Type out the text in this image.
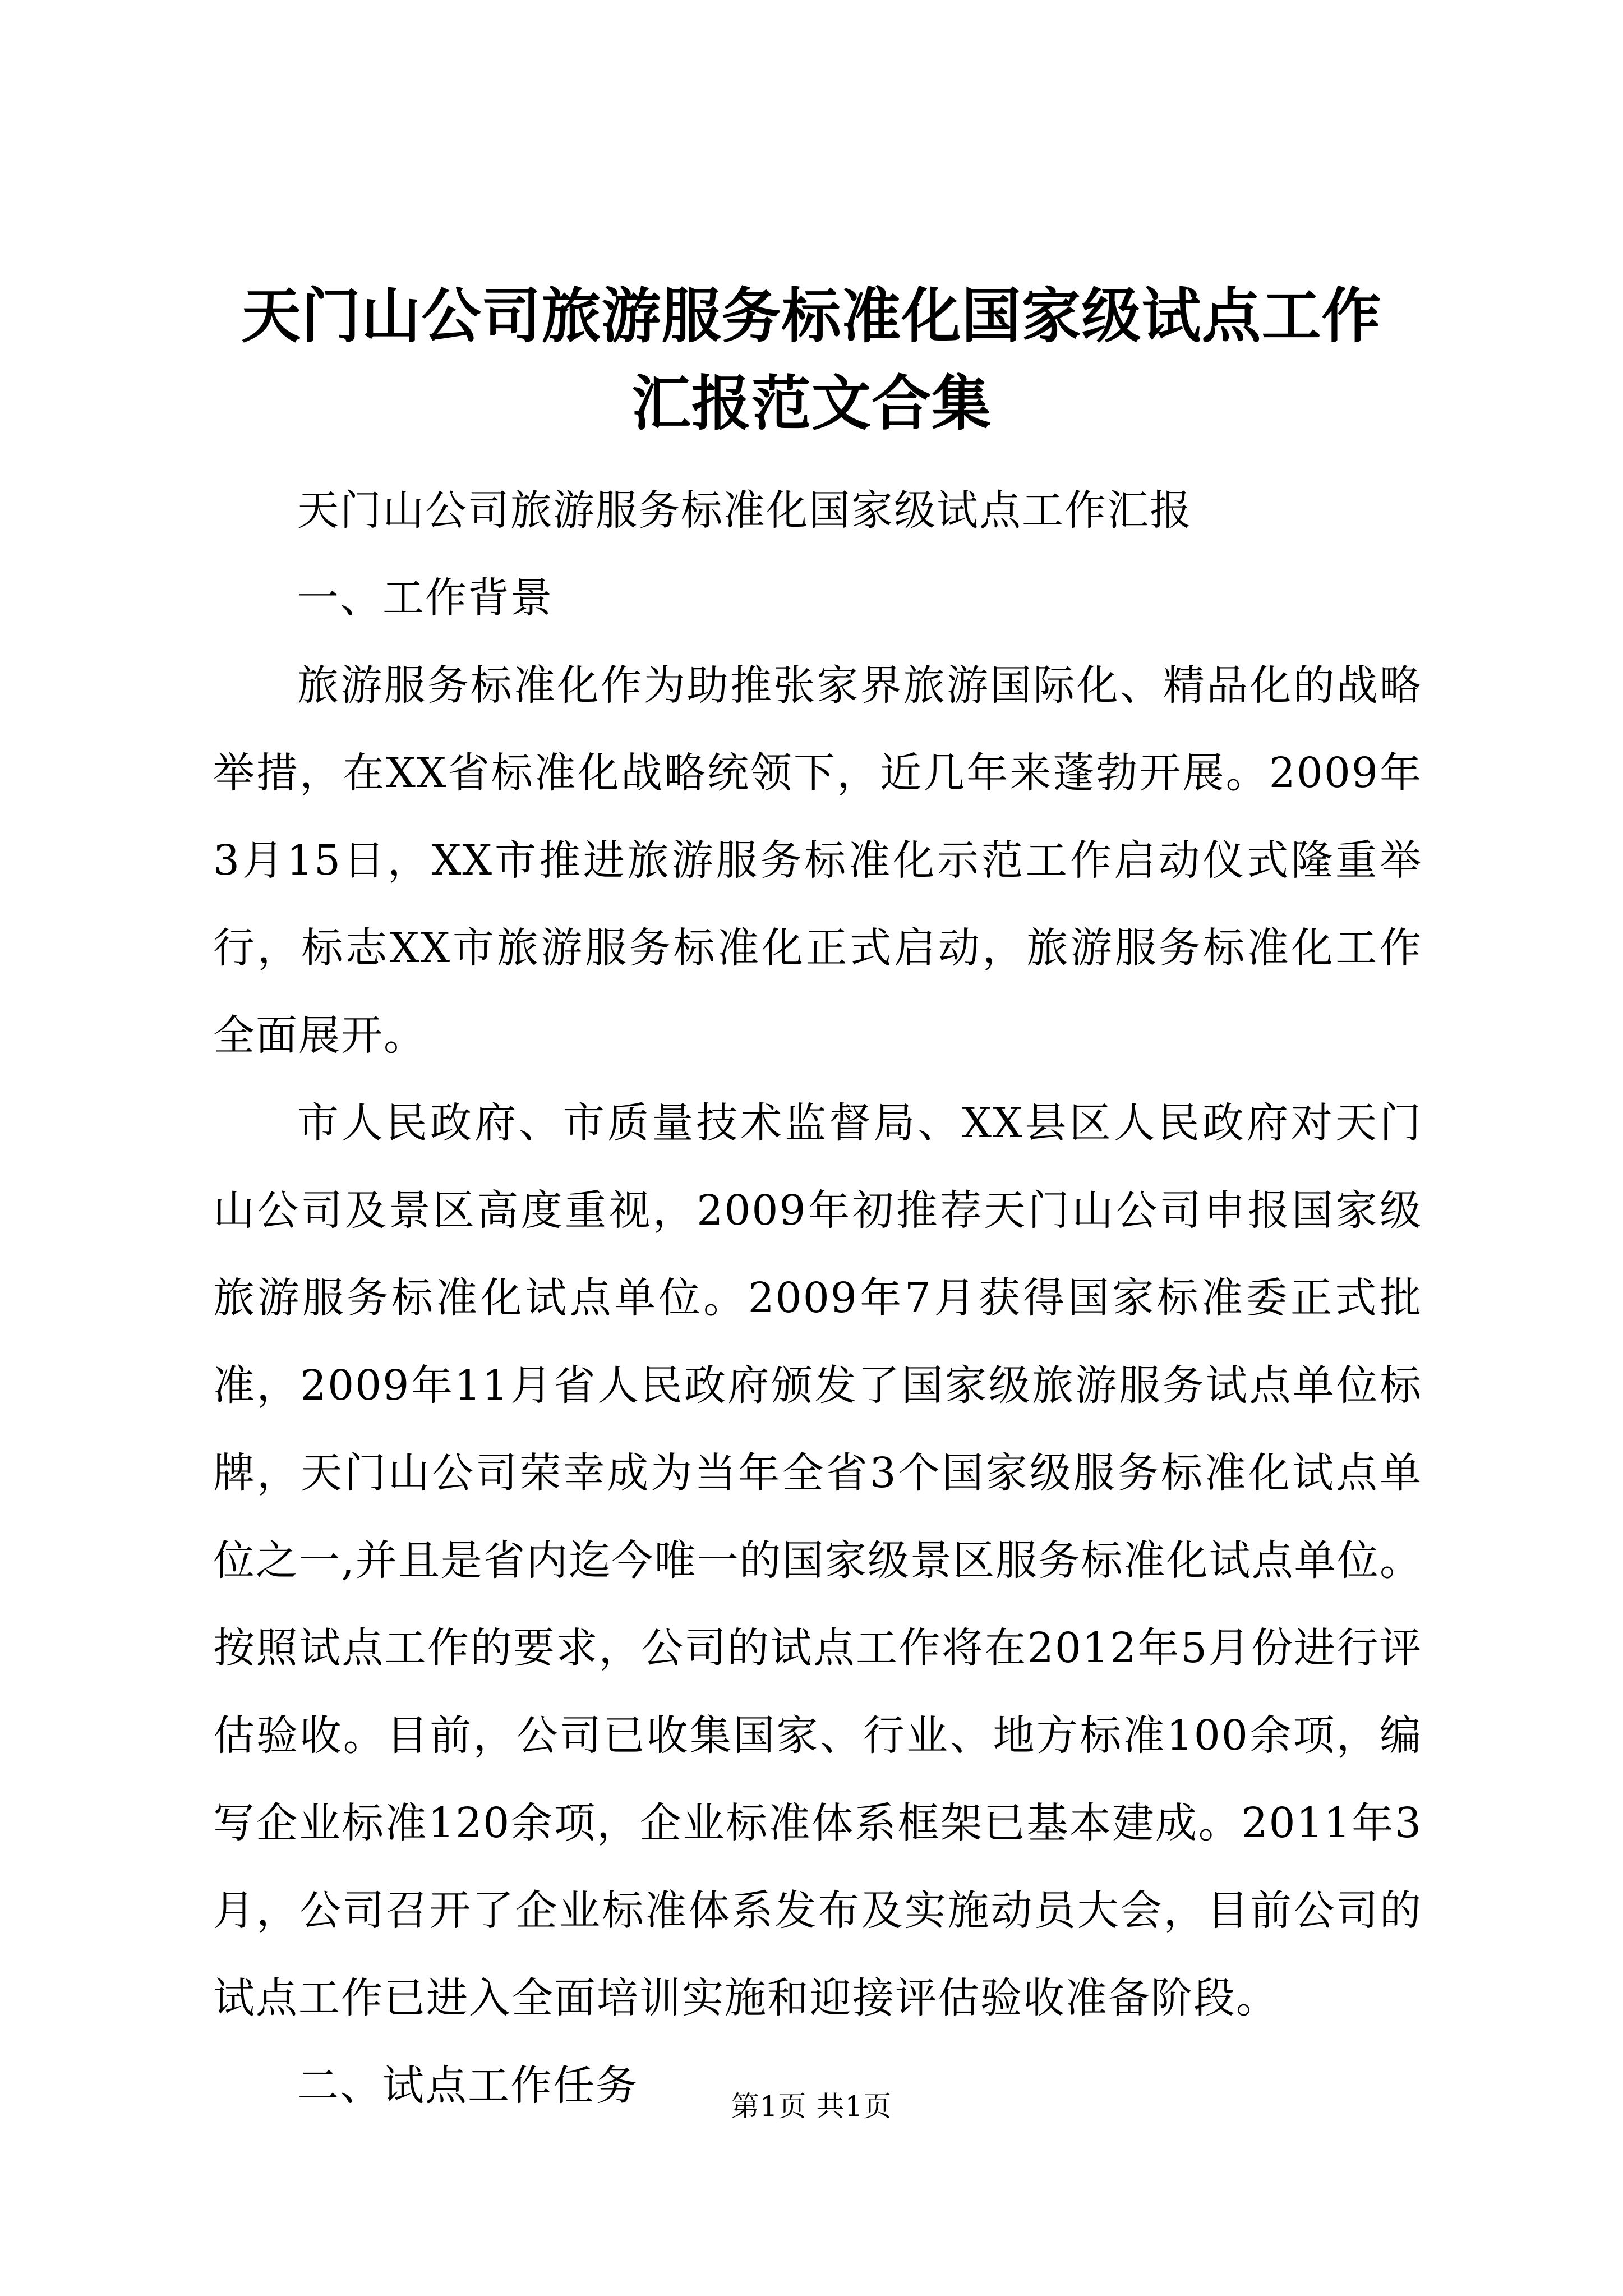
天门山公司旅游服务标准化国家级试点工作汇报范文合集

天门山公司旅游服务标准化国家级试点工作汇报

一、工作背景

旅游服务标准化作为助推张家界旅游国际化、精品化的战略举措，在XX省标准化战略统领下，近几年来蓬勃开展。2009年3月15日，XX市推进旅游服务标准化示范工作启动仪式隆重举行，标志XX市旅游服务标准化正式启动，旅游服务标准化工作全面展开。

市人民政府、市质量技术监督局、XX县区人民政府对天门山公司及景区高度重视，2009年初推荐天门山公司申报国家级旅游服务标准化试点单位。2009年7月获得国家标准委正式批准，2009年11月省人民政府颁发了国家级旅游服务试点单位标牌，天门山公司荣幸成为当年全省3个国家级服务标准化试点单位之一,并且是省内迄今唯一的国家级景区服务标准化试点单位。按照试点工作的要求，公司的试点工作将在2012年5月份进行评估验收。目前，公司已收集国家、行业、地方标准100余项，编写企业标准120余项，企业标准体系框架已基本建成。2011年3月，公司召开了企业标准体系发布及实施动员大会，目前公司的试点工作已进入全面培训实施和迎接评估验收准备阶段。

二、试点工作任务	第1页 共1页
